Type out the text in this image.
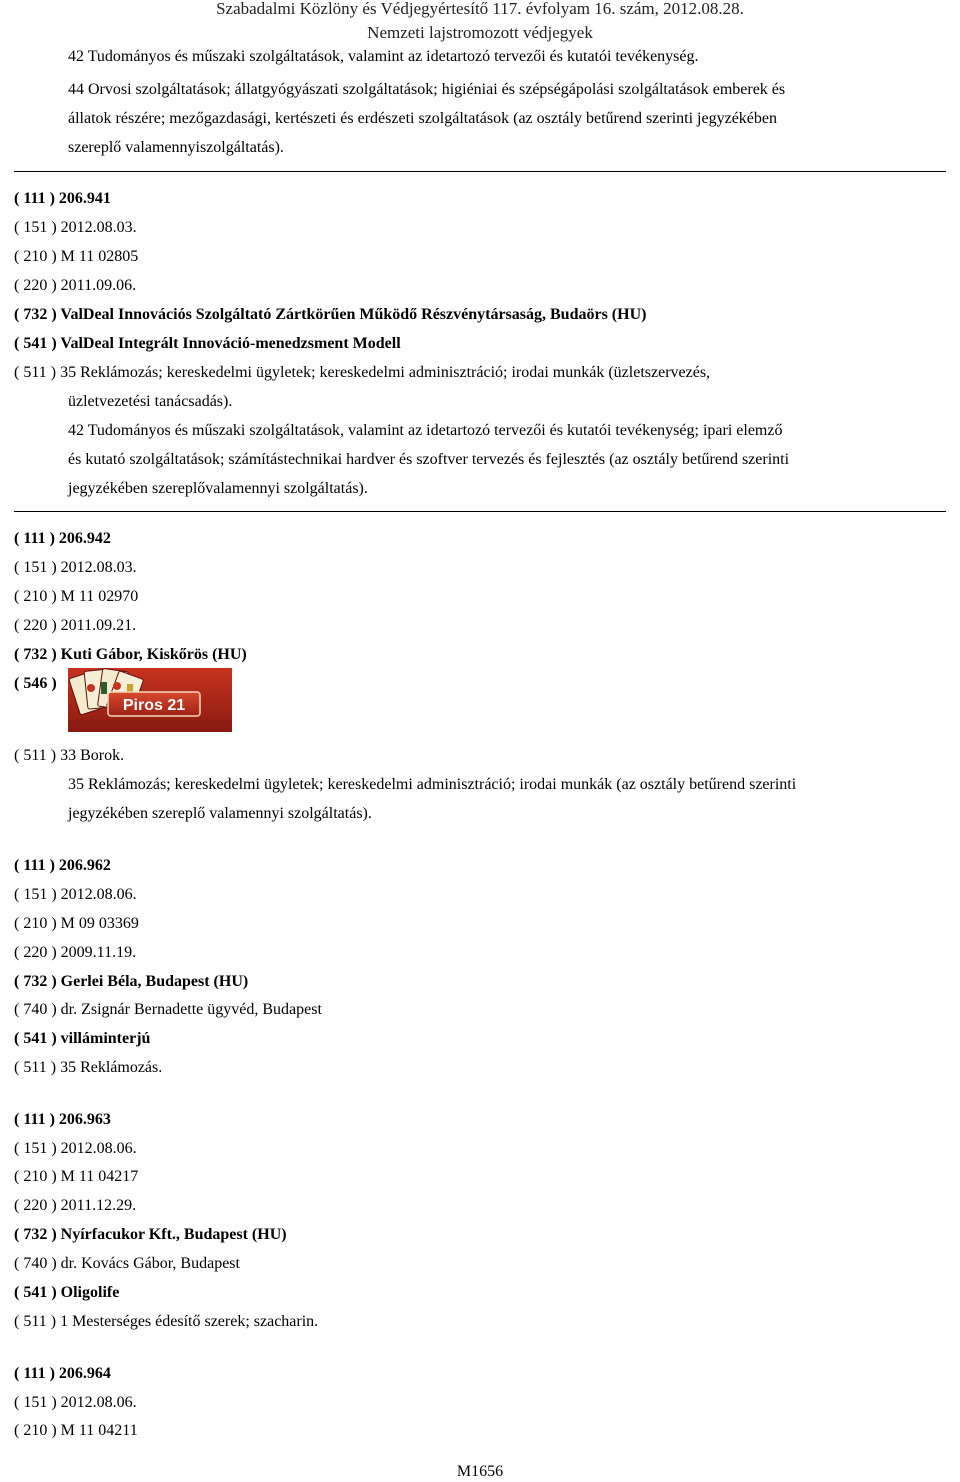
Szabadalmi Közlöny és Védjegyértesítő 117. évfolyam 16. szám, 2012.08.28.
Nemzeti lajstromozott védjegyek
42 Tudományos és műszaki szolgáltatások, valamint az idetartozó tervezői és kutatói tevékenység.
44 Orvosi szolgáltatások; állatgyógyászati szolgáltatások; higiéniai és szépségápolási szolgáltatások emberek és
állatok részére; mezőgazdasági, kertészeti és erdészeti szolgáltatások (az osztály betűrend szerinti jegyzékében
szereplő valamennyiszolgáltatás).
( 111 ) 206.941
( 151 ) 2012.08.03.
( 210 ) M 11 02805
( 220 ) 2011.09.06.
( 732 ) ValDeal Innovációs Szolgáltató Zártkörűen Működő Részvénytársaság, Budaörs (HU)
( 541 ) ValDeal Integrált Innováció-menedzsment Modell
( 511 ) 35 Reklámozás; kereskedelmi ügyletek; kereskedelmi adminisztráció; irodai munkák (üzletszervezés,
üzletvezetési tanácsadás).
42 Tudományos és műszaki szolgáltatások, valamint az idetartozó tervezői és kutatói tevékenység; ipari elemző
és kutató szolgáltatások; számítástechnikai hardver és szoftver tervezés és fejlesztés (az osztály betűrend szerinti
jegyzékében szereplővalamennyi szolgáltatás).
( 111 ) 206.942
( 151 ) 2012.08.03.
( 210 ) M 11 02970
( 220 ) 2011.09.21.
( 732 ) Kuti Gábor, Kiskőrös (HU)
( 546 )
Piros 21
( 511 ) 33 Borok.
35 Reklámozás; kereskedelmi ügyletek; kereskedelmi adminisztráció; irodai munkák (az osztály betűrend szerinti
jegyzékében szereplő valamennyi szolgáltatás).
( 111 ) 206.962
( 151 ) 2012.08.06.
( 210 ) M 09 03369
( 220 ) 2009.11.19.
( 732 ) Gerlei Béla, Budapest (HU)
( 740 ) dr. Zsignár Bernadette ügyvéd, Budapest
( 541 ) villáminterjú
( 511 ) 35 Reklámozás.
( 111 ) 206.963
( 151 ) 2012.08.06.
( 210 ) M 11 04217
( 220 ) 2011.12.29.
( 732 ) Nyírfacukor Kft., Budapest (HU)
( 740 ) dr. Kovács Gábor, Budapest
( 541 ) Oligolife
( 511 ) 1 Mesterséges édesítő szerek; szacharin.
( 111 ) 206.964
( 151 ) 2012.08.06.
( 210 ) M 11 04211
M1656
